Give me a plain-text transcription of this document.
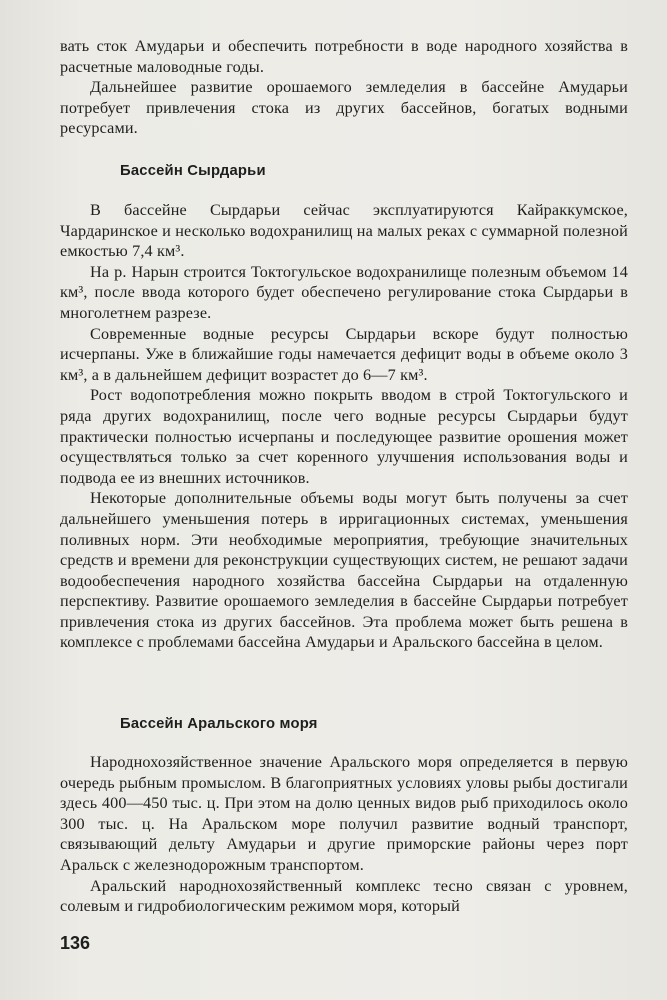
вать сток Амударьи и обеспечить потребности в воде народного хозяйства в расчетные маловодные годы.

Дальнейшее развитие орошаемого земледелия в бассейне Амударьи потребует привлечения стока из других бассейнов, богатых водными ресурсами.

Бассейн Сырдарьи

В бассейне Сырдарьи сейчас эксплуатируются Кайраккумское, Чардаринское и несколько водохранилищ на малых реках с суммарной полезной емкостью 7,4 км³.

На р. Нарын строится Токтогульское водохранилище полезным объемом 14 км³, после ввода которого будет обеспечено регулирование стока Сырдарьи в многолетнем разрезе.

Современные водные ресурсы Сырдарьи вскоре будут полностью исчерпаны. Уже в ближайшие годы намечается дефицит воды в объеме около 3 км³, а в дальнейшем дефицит возрастет до 6—7 км³.

Рост водопотребления можно покрыть вводом в строй Токтогульского и ряда других водохранилищ, после чего водные ресурсы Сырдарьи будут практически полностью исчерпаны и последующее развитие орошения может осуществляться только за счет коренного улучшения использования воды и подвода ее из внешних источников.

Некоторые дополнительные объемы воды могут быть получены за счет дальнейшего уменьшения потерь в ирригационных системах, уменьшения поливных норм. Эти необходимые мероприятия, требующие значительных средств и времени для реконструкции существующих систем, не решают задачи водообеспечения народного хозяйства бассейна Сырдарьи на отдаленную перспективу. Развитие орошаемого земледелия в бассейне Сырдарьи потребует привлечения стока из других бассейнов. Эта проблема может быть решена в комплексе с проблемами бассейна Амударьи и Аральского бассейна в целом.

Бассейн Аральского моря

Народнохозяйственное значение Аральского моря определяется в первую очередь рыбным промыслом. В благоприятных условиях уловы рыбы достигали здесь 400—450 тыс. ц. При этом на долю ценных видов рыб приходилось около 300 тыс. ц. На Аральском море получил развитие водный транспорт, связывающий дельту Амударьи и другие приморские районы через порт Аральск с железнодорожным транспортом.

Аральский народнохозяйственный комплекс тесно связан с уровнем, солевым и гидробиологическим режимом моря, который

136
